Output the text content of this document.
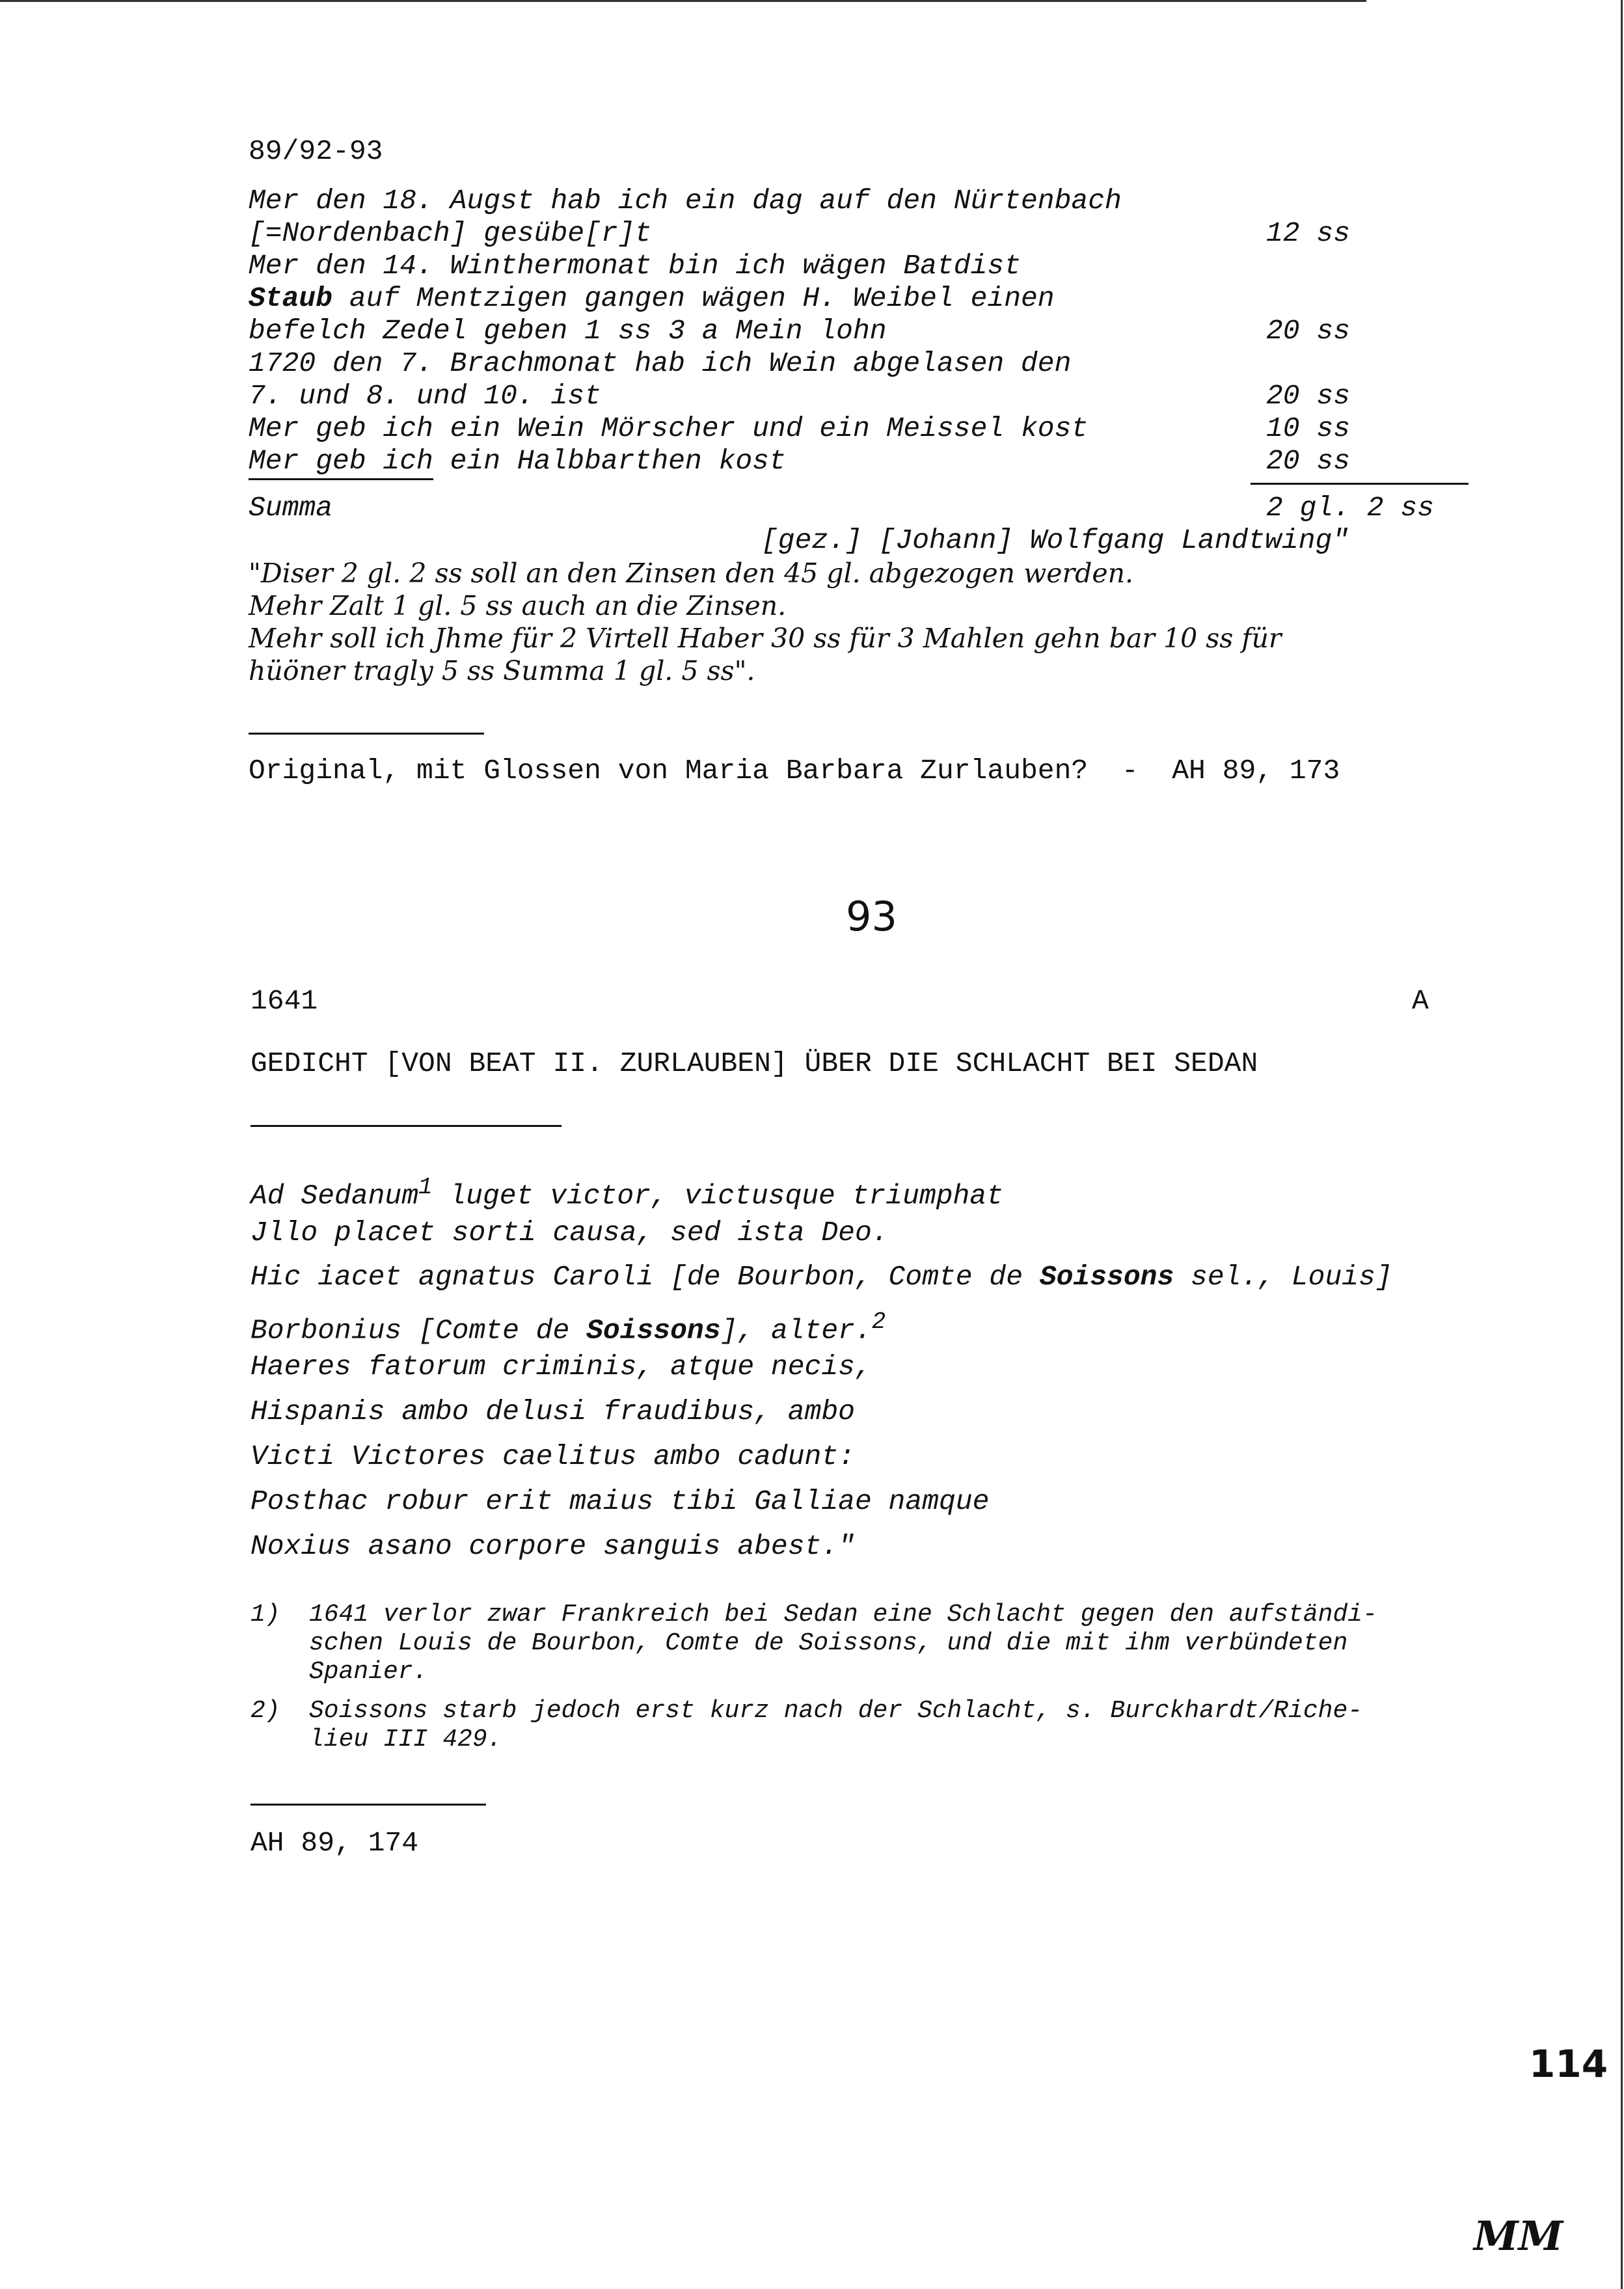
89/92-93
Mer den 18. Augst hab ich ein dag auf den Nürtenbach
[=Nordenbach] gesübe[r]t	12 ss
Mer den 14. Winthermonat bin ich wägen Batdist
Staub auf Mentzigen gangen wägen H. Weibel einen
befelch Zedel geben 1 ss 3 a Mein lohn	20 ss
1720 den 7. Brachmonat hab ich Wein abgelasen den
7. und 8. und 10. ist	20 ss
Mer geb ich ein Wein Mörscher und ein Meissel kost	10 ss
Mer geb ich ein Halbbarthen kost	20 ss
Summa	2 gl. 2 ss
[gez.] [Johann] Wolfgang Landtwing"
"Diser 2 gl. 2 ss soll an den Zinsen den 45 gl. abgezogen werden.
Mehr Zalt 1 gl. 5 ss auch an die Zinsen.
Mehr soll ich Jhme für 2 Virtell Haber 30 ss für 3 Mahlen gehn bar 10 ss für
hüöner tragly 5 ss Summa 1 gl. 5 ss".
Original, mit Glossen von Maria Barbara Zurlauben?  -  AH 89, 173
93
1641	A
GEDICHT [VON BEAT II. ZURLAUBEN] ÜBER DIE SCHLACHT BEI SEDAN
Ad Sedanum$^1$ luget victor, victusque triumphat
Jllo placet sorti causa, sed ista Deo.
Hic iacet agnatus Caroli [de Bourbon, Comte de Soissons sel., Louis]
Borbonius [Comte de Soissons], alter.$^2$
Haeres fatorum criminis, atque necis,
Hispanis ambo delusi fraudibus, ambo
Victi Victores caelitus ambo cadunt:
Posthac robur erit maius tibi Galliae namque
Noxius asano corpore sanguis abest."
1) 1641 verlor zwar Frankreich bei Sedan eine Schlacht gegen den aufständi-
schen Louis de Bourbon, Comte de Soissons, und die mit ihm verbündeten
Spanier.
2) Soissons starb jedoch erst kurz nach der Schlacht, s. Burckhardt/Riche-
lieu III 429.
AH 89, 174
114
MM
